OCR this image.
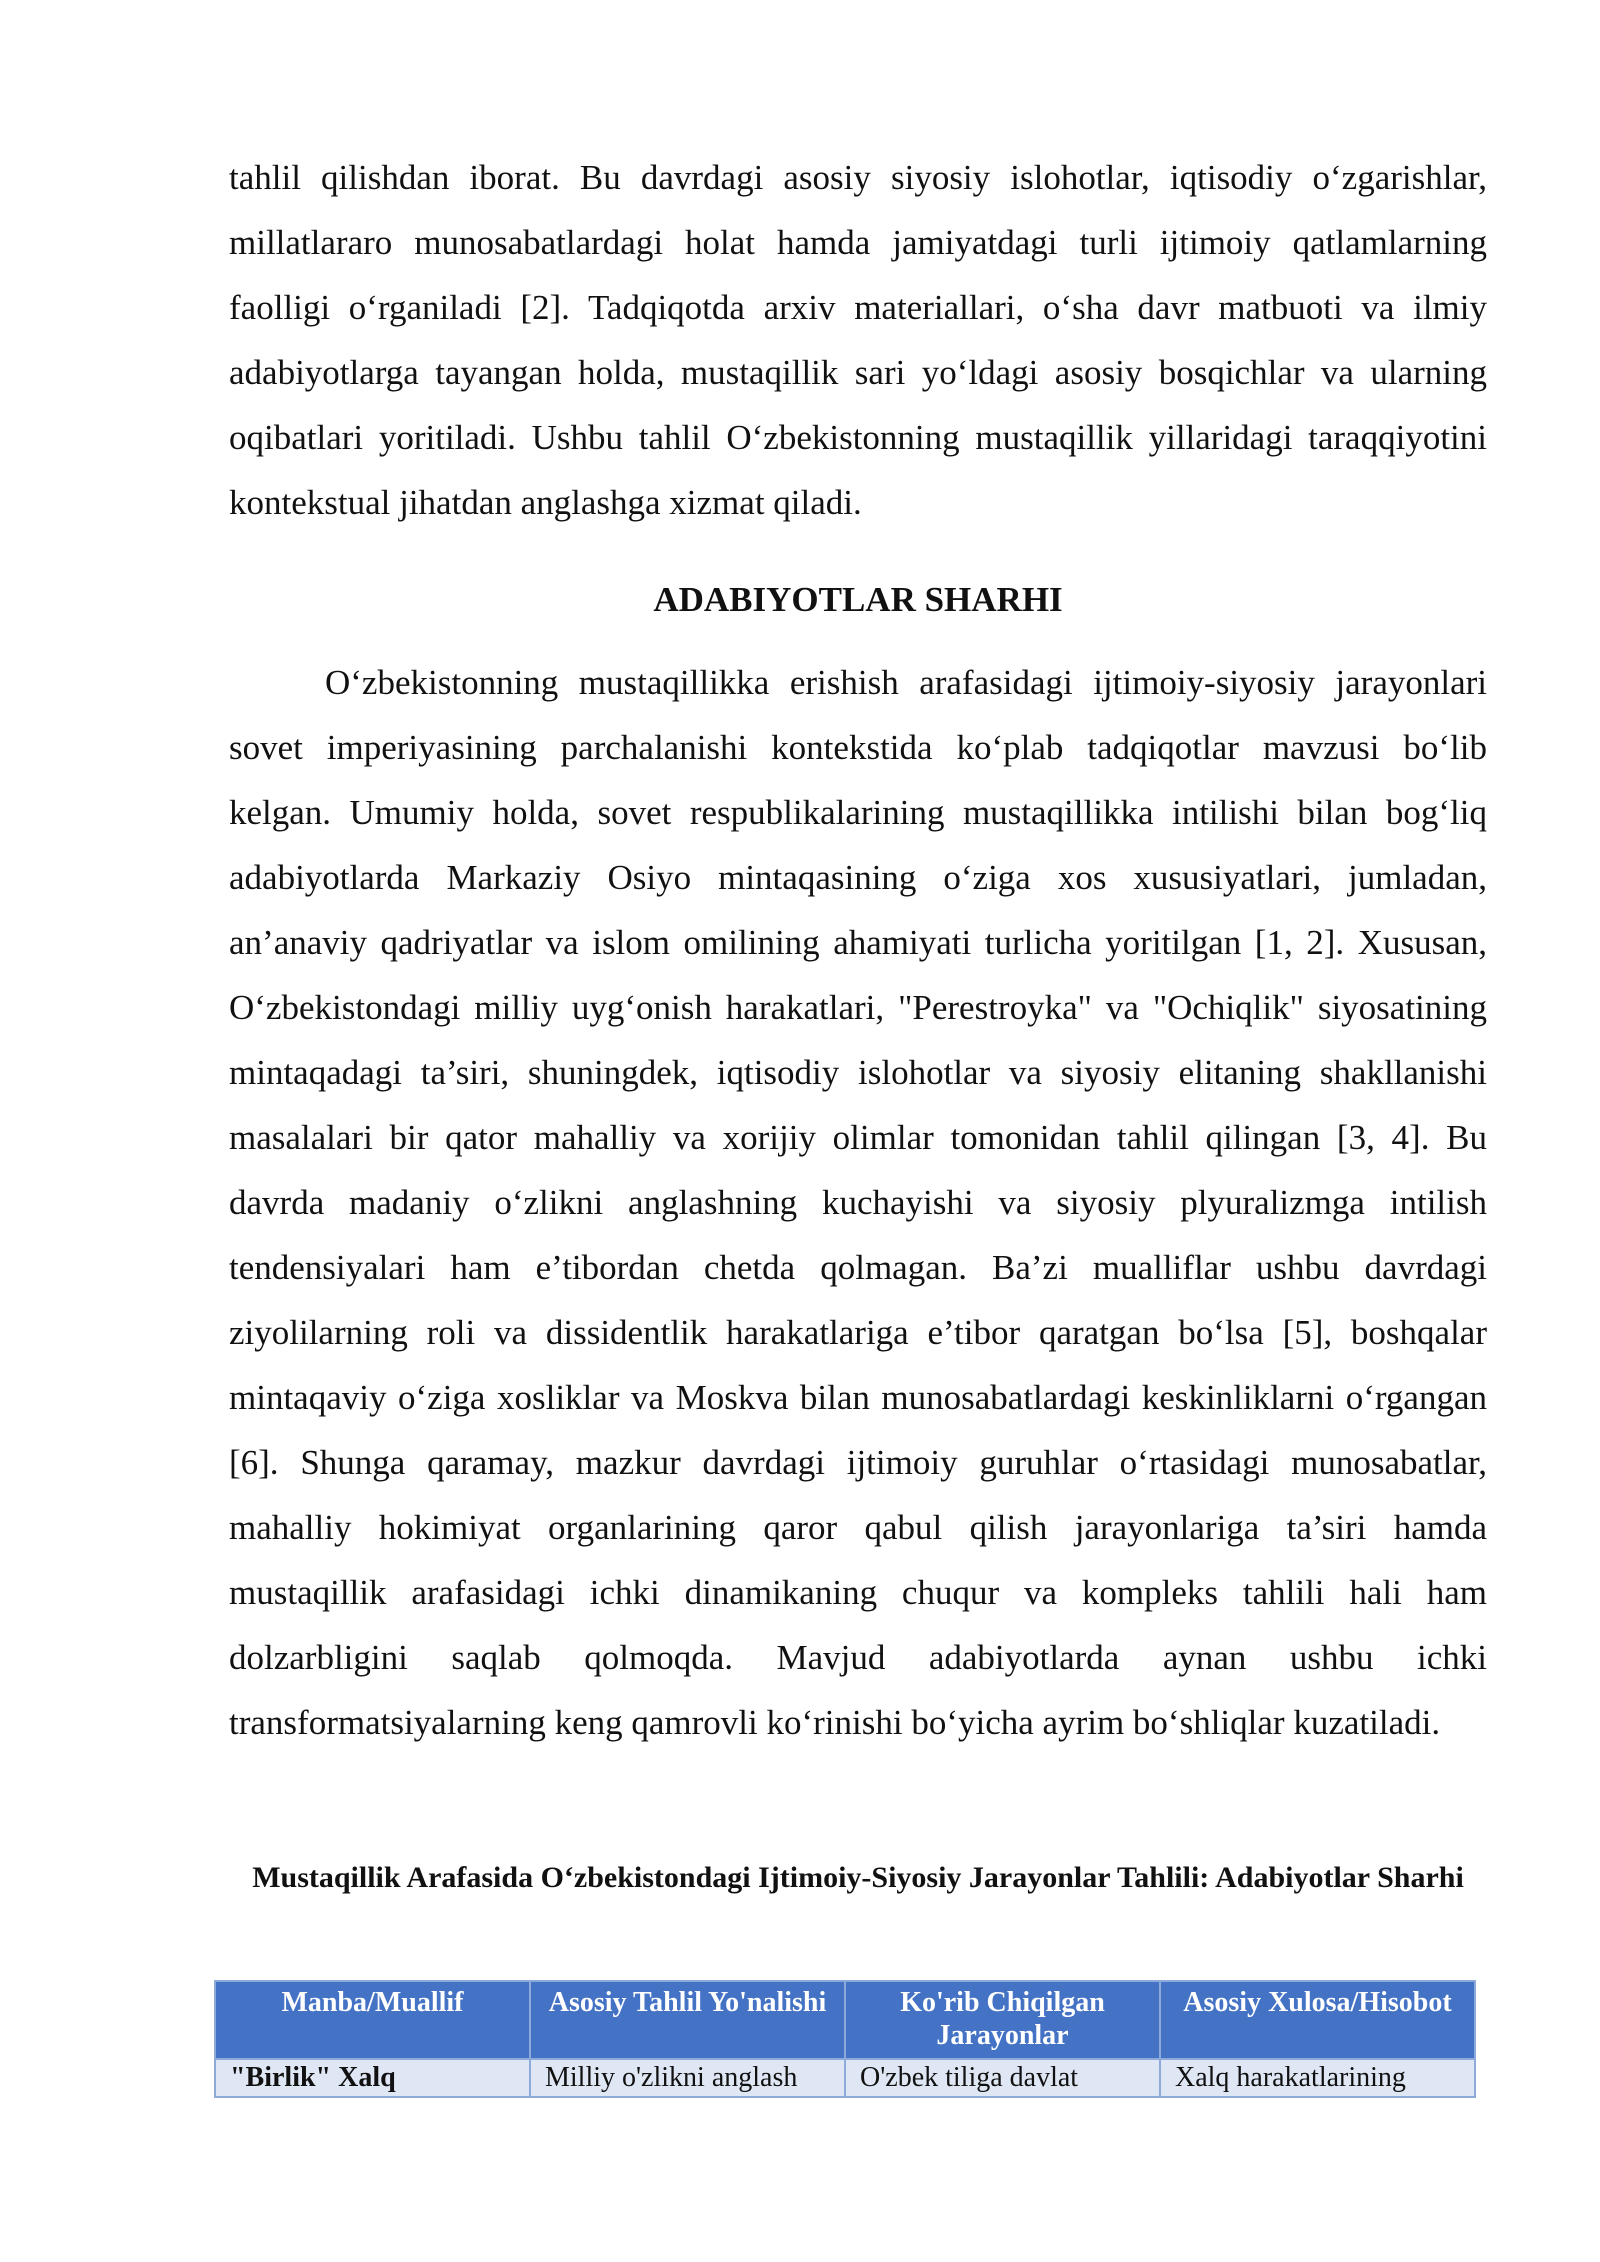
tahlil qilishdan iborat. Bu davrdagi asosiy siyosiy islohotlar, iqtisodiy oʻzgarishlar, millatlararo munosabatlardagi holat hamda jamiyatdagi turli ijtimoiy qatlamlarning faolligi oʻrganiladi [2]. Tadqiqotda arxiv materiallari, oʻsha davr matbuoti va ilmiy adabiyotlarga tayangan holda, mustaqillik sari yoʻldagi asosiy bosqichlar va ularning oqibatlari yoritiladi. Ushbu tahlil Oʻzbekistonning mustaqillik yillaridagi taraqqiyotini kontekstual jihatdan anglashga xizmat qiladi.

ADABIYOTLAR SHARHI

Oʻzbekistonning mustaqillikka erishish arafasidagi ijtimoiy-siyosiy jarayonlari sovet imperiyasining parchalanishi kontekstida koʻplab tadqiqotlar mavzusi boʻlib kelgan. Umumiy holda, sovet respublikalarining mustaqillikka intilishi bilan bogʻliq adabiyotlarda Markaziy Osiyo mintaqasining oʻziga xos xususiyatlari, jumladan, an’anaviy qadriyatlar va islom omilining ahamiyati turlicha yoritilgan [1, 2]. Xususan, Oʻzbekistondagi milliy uygʻonish harakatlari, "Perestroyka" va "Ochiqlik" siyosatining mintaqadagi ta’siri, shuningdek, iqtisodiy islohotlar va siyosiy elitaning shakllanishi masalalari bir qator mahalliy va xorijiy olimlar tomonidan tahlil qilingan [3, 4]. Bu davrda madaniy oʻzlikni anglashning kuchayishi va siyosiy plyuralizmga intilish tendensiyalari ham e’tibordan chetda qolmagan. Ba’zi mualliflar ushbu davrdagi ziyolilarning roli va dissidentlik harakatlariga e’tibor qaratgan boʻlsa [5], boshqalar mintaqaviy oʻziga xosliklar va Moskva bilan munosabatlardagi keskinliklarni oʻrgangan [6]. Shunga qaramay, mazkur davrdagi ijtimoiy guruhlar oʻrtasidagi munosabatlar, mahalliy hokimiyat organlarining qaror qabul qilish jarayonlariga ta’siri hamda mustaqillik arafasidagi ichki dinamikaning chuqur va kompleks tahlili hali ham dolzarbligini saqlab qolmoqda. Mavjud adabiyotlarda aynan ushbu ichki transformatsiyalarning keng qamrovli koʻrinishi boʻyicha ayrim boʻshliqlar kuzatiladi.

Mustaqillik Arafasida Oʻzbekistondagi Ijtimoiy-Siyosiy Jarayonlar Tahlili: Adabiyotlar Sharhi

Manba/Muallif	Asosiy Tahlil Yo'nalishi	Ko'rib Chiqilgan Jarayonlar	Asosiy Xulosa/Hisobot
"Birlik" Xalq	Milliy o'zlikni anglash	O'zbek tiliga davlat	Xalq harakatlarining
